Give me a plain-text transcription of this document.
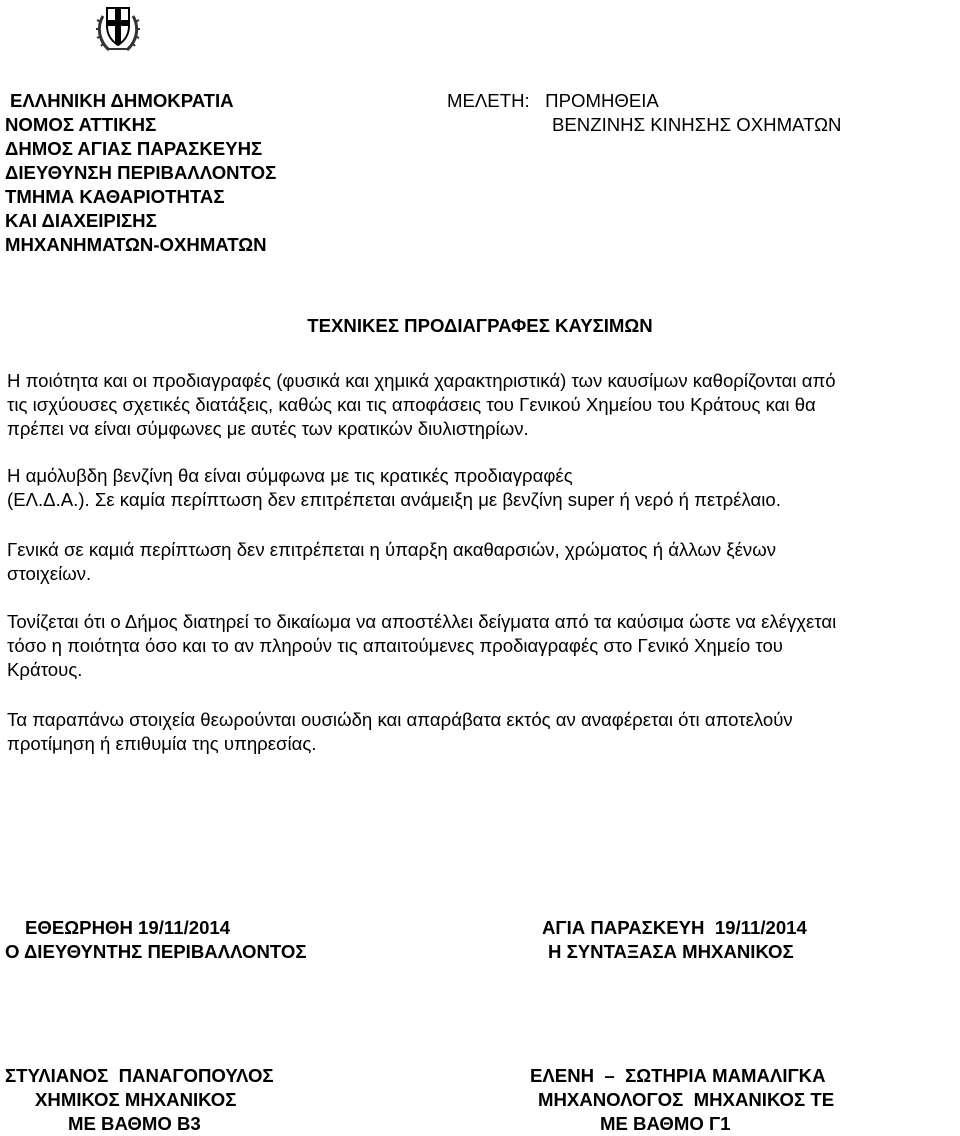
ΕΛΛΗΝΙΚΗ ΔΗΜΟΚΡΑΤΙΑ
ΝΟΜΟΣ ΑΤΤΙΚΗΣ
ΔΗΜΟΣ ΑΓΙΑΣ ΠΑΡΑΣΚΕΥΗΣ
ΔΙΕΥΘΥΝΣΗ ΠΕΡΙΒΑΛΛΟΝΤΟΣ
ΤΜΗΜΑ ΚΑΘΑΡΙΟΤΗΤΑΣ
ΚΑΙ ΔΙΑΧΕΙΡΙΣΗΣ
ΜΗΧΑΝΗΜΑΤΩΝ-ΟΧΗΜΑΤΩΝ
ΜΕΛΕΤΗ:   ΠΡΟΜΗΘΕΙΑ
ΒΕΝΖΙΝΗΣ ΚΙΝΗΣΗΣ ΟΧΗΜΑΤΩΝ
ΤΕΧΝΙΚΕΣ ΠΡΟΔΙΑΓΡΑΦΕΣ ΚΑΥΣΙΜΩΝ
Η ποιότητα και οι προδιαγραφές (φυσικά και χημικά χαρακτηριστικά) των καυσίμων καθορίζονται από
τις ισχύουσες σχετικές διατάξεις, καθώς και τις αποφάσεις του Γενικού Χημείου του Κράτους και θα
πρέπει να είναι σύμφωνες με αυτές των κρατικών διυλιστηρίων.
Η αμόλυβδη βενζίνη θα είναι σύμφωνα με τις κρατικές προδιαγραφές
(ΕΛ.Δ.Α.). Σε καμία περίπτωση δεν επιτρέπεται ανάμειξη με βενζίνη super ή νερό ή πετρέλαιο.
Γενικά σε καμιά περίπτωση δεν επιτρέπεται η ύπαρξη ακαθαρσιών, χρώματος ή άλλων ξένων
στοιχείων.
Τονίζεται ότι ο Δήμος διατηρεί το δικαίωμα να αποστέλλει δείγματα από τα καύσιμα ώστε να ελέγχεται
τόσο η ποιότητα όσο και το αν πληρούν τις απαιτούμενες προδιαγραφές στο Γενικό Χημείο του
Κράτους.
Τα παραπάνω στοιχεία θεωρούνται ουσιώδη και απαράβατα εκτός αν αναφέρεται ότι αποτελούν
προτίμηση ή επιθυμία της υπηρεσίας.
ΕΘΕΩΡΗΘΗ 19/11/2014
Ο ΔΙΕΥΘΥΝΤΗΣ ΠΕΡΙΒΑΛΛΟΝΤΟΣ
ΣΤΥΛΙΑΝΟΣ  ΠΑΝΑΓΟΠΟΥΛΟΣ
ΧΗΜΙΚΟΣ ΜΗΧΑΝΙΚΟΣ
ΜΕ ΒΑΘΜΟ Β3
ΑΓΙΑ ΠΑΡΑΣΚΕΥΗ  19/11/2014
Η ΣΥΝΤΑΞΑΣΑ ΜΗΧΑΝΙΚΟΣ
ΕΛΕΝΗ  –  ΣΩΤΗΡΙΑ ΜΑΜΑΛΙΓΚΑ
ΜΗΧΑΝΟΛΟΓΟΣ  ΜΗΧΑΝΙΚΟΣ ΤΕ
ΜΕ ΒΑΘΜΟ Γ1
